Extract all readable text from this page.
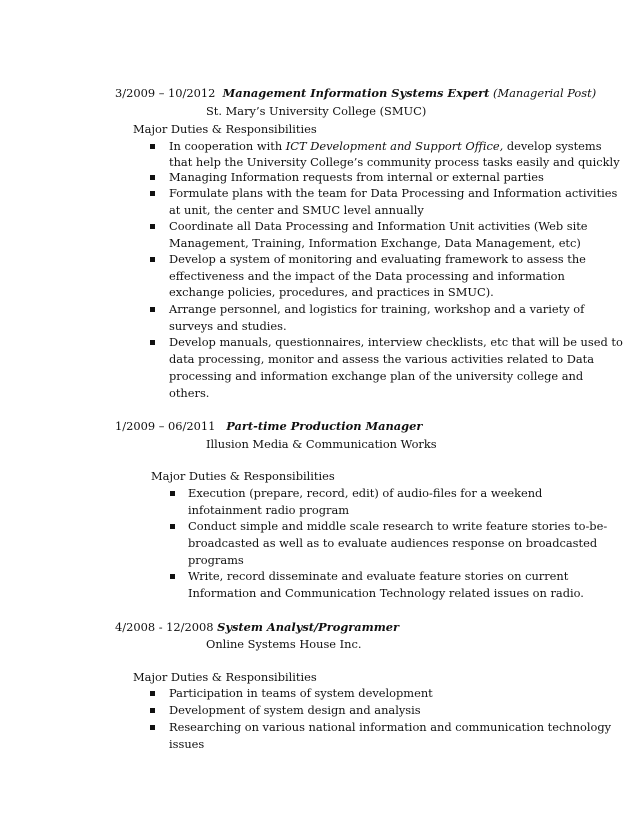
3/2009 – 10/2012 Management Information Systems Expert (Managerial Post)
St. Mary’s University College (SMUC)
Major Duties & Responsibilities
In cooperation with ICT Development and Support Office, develop systems
that help the University College’s community process tasks easily and quickly
Managing Information requests from internal or external parties
Formulate plans with the team for Data Processing and Information activities
at unit, the center and SMUC level annually
Coordinate all Data Processing and Information Unit activities (Web site
Management, Training, Information Exchange, Data Management, etc)
Develop a system of monitoring and evaluating framework to assess the
effectiveness and the impact of the Data processing and information
exchange policies, procedures, and practices in SMUC).
Arrange personnel, and logistics for training, workshop and a variety of
surveys and studies.
Develop manuals, questionnaires, interview checklists, etc that will be used to
data processing, monitor and assess the various activities related to Data
processing and information exchange plan of the university college and
others.
1/2009 – 06/2011 Part-time Production Manager
Illusion Media & Communication Works
Major Duties & Responsibilities
Execution (prepare, record, edit) of audio-files for a weekend
infotainment radio program
Conduct simple and middle scale research to write feature stories to-be-
broadcasted as well as to evaluate audiences response on broadcasted
programs
Write, record disseminate and evaluate feature stories on current
Information and Communication Technology related issues on radio.
4/2008 - 12/2008 System Analyst/Programmer
Online Systems House Inc.
Major Duties & Responsibilities
Participation in teams of system development
Development of system design and analysis
Researching on various national information and communication technology
issues
